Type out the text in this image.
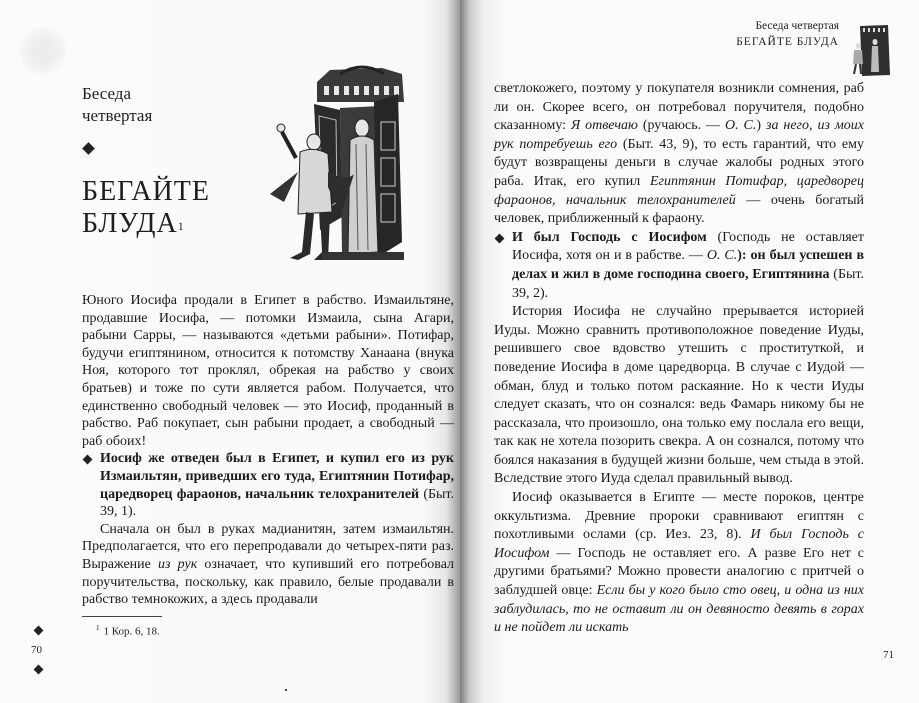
Беседа
четвертая
БЕГАЙТЕ
БЛУДА$^1$

Юного Иосифа продали в Египет в рабство. Измаильтяне, продавшие Иосифа, — потомки Измаила, сына Агари, рабыни Сарры, — называются «детьми рабыни». Потифар, будучи египтянином, относится к потомству Ханаана (внука Ноя, которого тот проклял, обрекая на рабство у своих братьев) и тоже по сути является рабом. Получается, что единственно свободный человек — это Иосиф, проданный в рабство. Раб покупает, сын рабыни продает, а свободный — раб обоих!

Иосиф же отведен был в Египет, и купил его из рук Измаильтян, приведших его туда, Египтянин Потифар, царедворец фараонов, начальник телохранителей (Быт. 39, 1).

Сначала он был в руках мадианитян, затем измаильтян. Предполагается, что его перепродавали до четырех-пяти раз. Выражение из рук означает, что купивший его потребовал поручительства, поскольку, как правило, белые продавали в рабство темнокожих, а здесь продавали

$^1$ 1 Кор. 6, 18.
70
Беседа четвертая
БЕГАЙТЕ БЛУДА

светлокожего, поэтому у покупателя возникли сомнения, раб ли он. Скорее всего, он потребовал поручителя, подобно сказанному: Я отвечаю (ручаюсь. — О. С.) за него, из моих рук потребуешь его (Быт. 43, 9), то есть гарантий, что ему будут возвращены деньги в случае жалобы родных этого раба. Итак, его купил Египтянин Потифар, царедворец фараонов, начальник телохранителей — очень богатый человек, приближенный к фараону.

И был Господь с Иосифом (Господь не оставляет Иосифа, хотя он и в рабстве. — О. С.): он был успешен в делах и жил в доме господина своего, Египтянина (Быт. 39, 2).

История Иосифа не случайно прерывается историей Иуды. Можно сравнить противоположное поведение Иуды, решившего свое вдовство утешить с проституткой, и поведение Иосифа в доме царедворца. В случае с Иудой — обман, блуд и только потом раскаяние. Но к чести Иуды следует сказать, что он сознался: ведь Фамарь никому бы не рассказала, что произошло, она только ему послала его вещи, так как не хотела позорить свекра. А он сознался, потому что боялся наказания в будущей жизни больше, чем стыда в этой. Вследствие этого Иуда сделал правильный вывод.

Иосиф оказывается в Египте — месте пороков, центре оккультизма. Древние пророки сравнивают египтян с похотливыми ослами (ср. Иез. 23, 8). И был Господь с Иосифом — Господь не оставляет его. А разве Его нет с другими братьями? Можно провести аналогию с притчей о заблудшей овце: Если бы у кого было сто овец, и одна из них заблудилась, то не оставит ли он девяносто девять в горах и не пойдет ли искать

71
